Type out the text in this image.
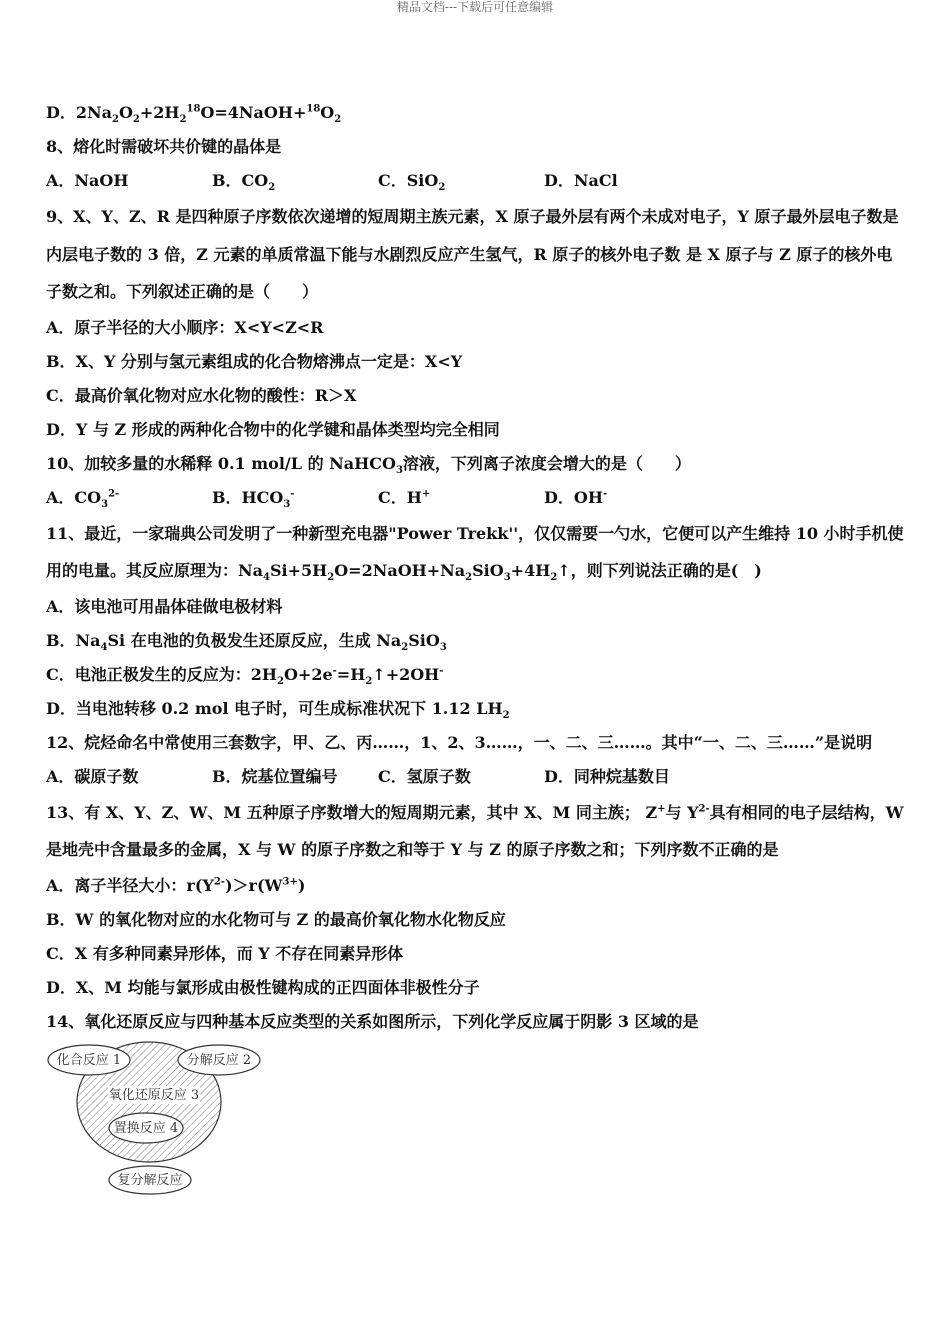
精品文档---下载后可任意编辑
D．$2Na_2O_2+2H_2^{18}O=4NaOH+^{18}O_2$
8、熔化时需破坏共价键的晶体是
A．NaOH	B．$CO_2$	C．SiO$_2$	D．NaCl
9、X、Y、Z、R 是四种原子序数依次递增的短周期主族元素，X 原子最外层有两个未成对电子，Y 原子最外层电子数是内层电子数的 3 倍，Z 元素的单质常温下能与水剧烈反应产生氢气，R 原子的核外电子数 是 X 原子与 Z 原子的核外电子数之和。下列叙述正确的是（　　）
A．原子半径的大小顺序：X<Y<Z<R
B．X、Y 分别与氢元素组成的化合物熔沸点一定是：X<Y
C．最高价氧化物对应水化物的酸性：R＞X
D．Y 与 Z 形成的两种化合物中的化学键和晶体类型均完全相同
10、加较多量的水稀释 0.1 mol/L 的 NaHCO$_3$溶液，下列离子浓度会增大的是（　　）
A．$CO_3^{2-}$	B．$HCO_3^-$	C．H+	D．OH-
11、最近，一家瑞典公司发明了一种新型充电器"Power Trekk''，仅仅需要一勺水，它便可以产生维持 10 小时手机使用的电量。其反应原理为：$Na_4Si+5H_2O=2NaOH+Na_2SiO_3+4H_2↑$，则下列说法正确的是(　)
A．该电池可用晶体硅做电极材料
B．$Na_4Si$ 在电池的负极发生还原反应，生成 $Na_2SiO_3$
C．电池正极发生的反应为：$2H_2O+2e^-=H_2↑+2OH^-$
D．当电池转移 0.2 mol 电子时，可生成标准状况下 1.12 $LH_2$
12、烷烃命名中常使用三套数字，甲、乙、丙……，1、2、3……，一、二、三……。其中“一、二、三……”是说明
A．碳原子数	B．烷基位置编号	C．氢原子数	D．同种烷基数目
13、有 X、Y、Z、W、M 五种原子序数增大的短周期元素，其中 X、M 同主族； Z+与 $Y^{2-}$具有相同的电子层结构，W 是地壳中含量最多的金属，X 与 W 的原子序数之和等于 Y 与 Z 的原子序数之和；下列序数不正确的是
A．离子半径大小：$r(Y^{2-})>r(W^{3+})$
B．W 的氧化物对应的水化物可与 Z 的最高价氧化物水化物反应
C．X 有多种同素异形体，而 Y 不存在同素异形体
D．X、M 均能与氯形成由极性键构成的正四面体非极性分子
14、氧化还原反应与四种基本反应类型的关系如图所示，下列化学反应属于阴影 3 区域的是
化合反应 1	分解反应 2
氧化还原反应 3
置换反应 4
复分解反应
